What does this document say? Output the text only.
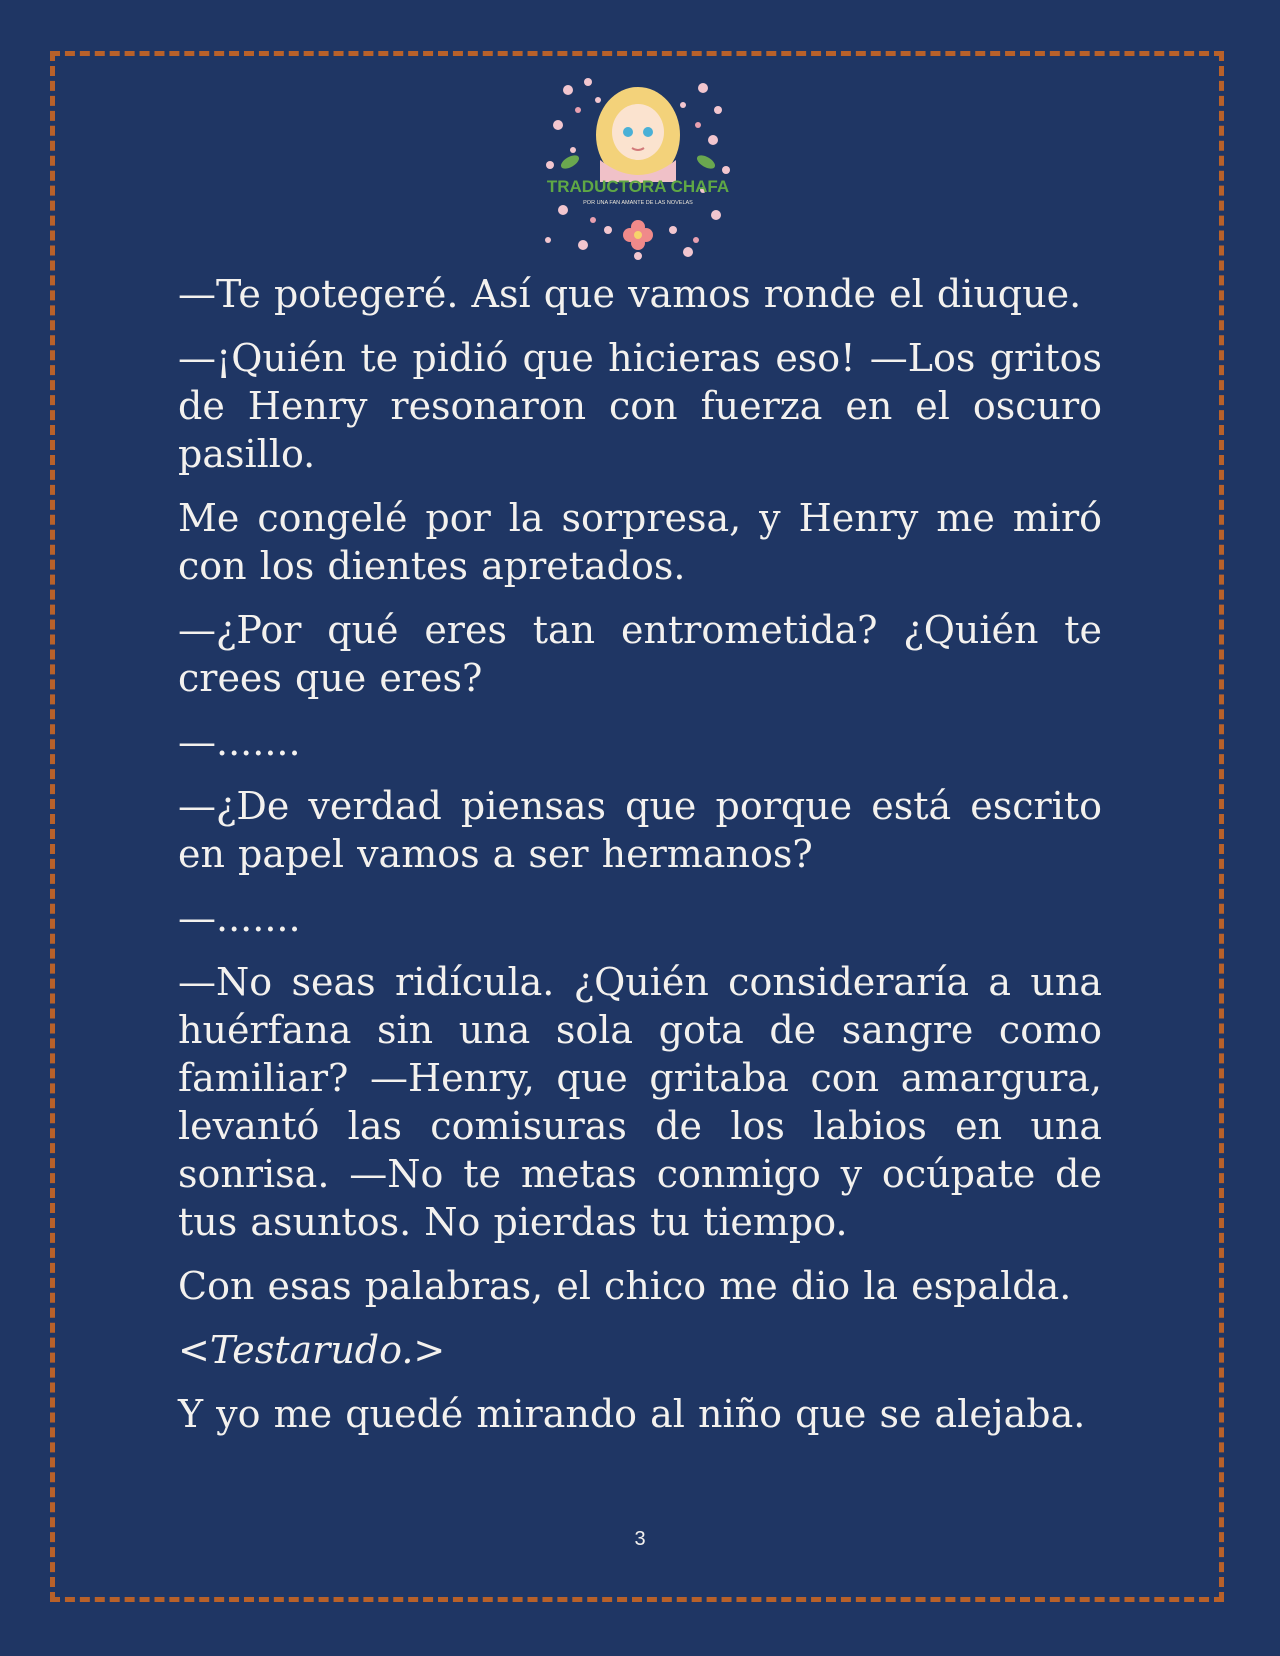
TRADUCTORA CHAFA
POR UNA FAN AMANTE DE LAS NOVELAS

—Te potegeré. Así que vamos ronde el diuque.

—¡Quién te pidió que hicieras eso! —Los gritos de Henry resonaron con fuerza en el oscuro pasillo.

Me congelé por la sorpresa, y Henry me miró con los dientes apretados.

—¿Por qué eres tan entrometida? ¿Quién te crees que eres?

—.......

—¿De verdad piensas que porque está escrito en papel vamos a ser hermanos?

—.......

—No seas ridícula. ¿Quién consideraría a una huérfana sin una sola gota de sangre como familiar? —Henry, que gritaba con amargura, levantó las comisuras de los labios en una sonrisa. —No te metas conmigo y ocúpate de tus asuntos. No pierdas tu tiempo.

Con esas palabras, el chico me dio la espalda.

<Testarudo.>

Y yo me quedé mirando al niño que se alejaba.

3
